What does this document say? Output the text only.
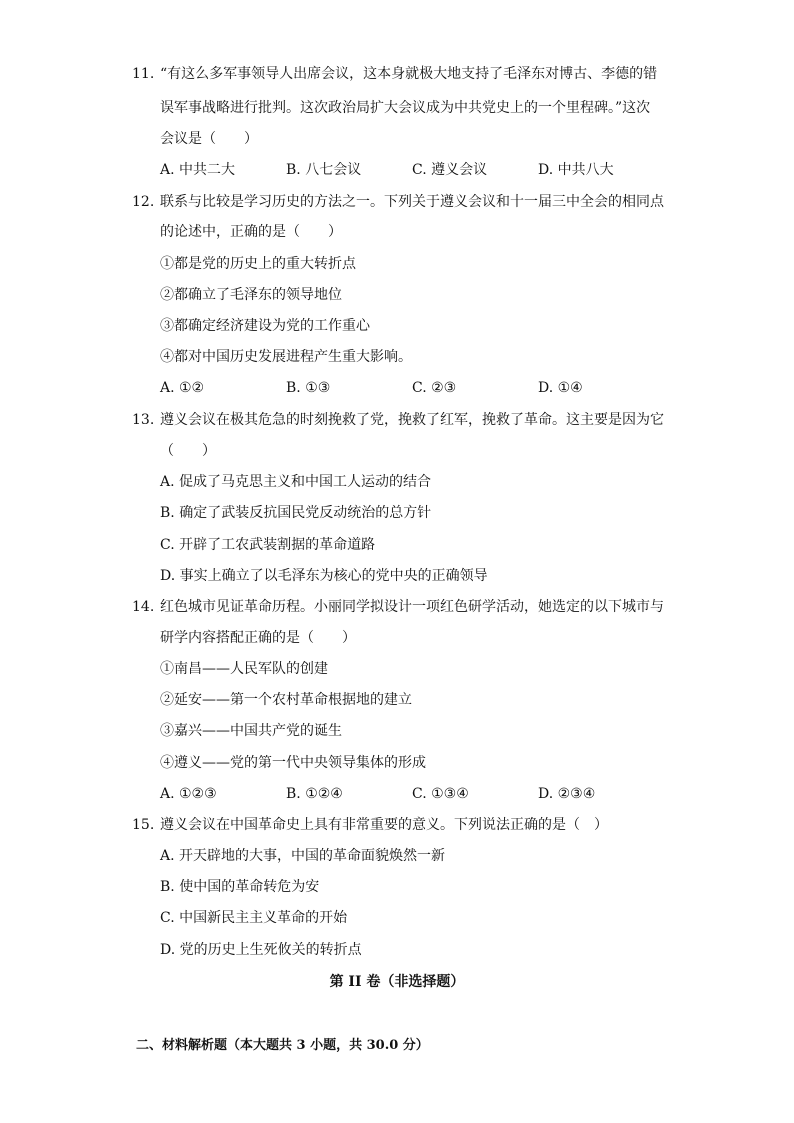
11. “有这么多军事领导人出席会议，这本身就极大地支持了毛泽东对博古、李德的错
误军事战略进行批判。这次政治局扩大会议成为中共党史上的一个里程碑。”这次
会议是（　　）
A. 中共二大	B. 八七会议	C. 遵义会议	D. 中共八大
12. 联系与比较是学习历史的方法之一。下列关于遵义会议和十一届三中全会的相同点
的论述中，正确的是（　　）
①都是党的历史上的重大转折点
②都确立了毛泽东的领导地位
③都确定经济建设为党的工作重心
④都对中国历史发展进程产生重大影响。
A. ①②	B. ①③	C. ②③	D. ①④
13. 遵义会议在极其危急的时刻挽救了党，挽救了红军，挽救了革命。这主要是因为它
（　　）
A. 促成了马克思主义和中国工人运动的结合
B. 确定了武装反抗国民党反动统治的总方针
C. 开辟了工农武装割据的革命道路
D. 事实上确立了以毛泽东为核心的党中央的正确领导
14. 红色城市见证革命历程。小丽同学拟设计一项红色研学活动，她选定的以下城市与
研学内容搭配正确的是（　　）
①南昌——人民军队的创建
②延安——第一个农村革命根据地的建立
③嘉兴——中国共产党的诞生
④遵义——党的第一代中央领导集体的形成
A. ①②③	B. ①②④	C. ①③④	D. ②③④
15. 遵义会议在中国革命史上具有非常重要的意义。下列说法正确的是（　）
A. 开天辟地的大事，中国的革命面貌焕然一新
B. 使中国的革命转危为安
C. 中国新民主主义革命的开始
D. 党的历史上生死攸关的转折点
第 II 卷（非选择题）
二、材料解析题（本大题共 3 小题，共 30.0 分）
